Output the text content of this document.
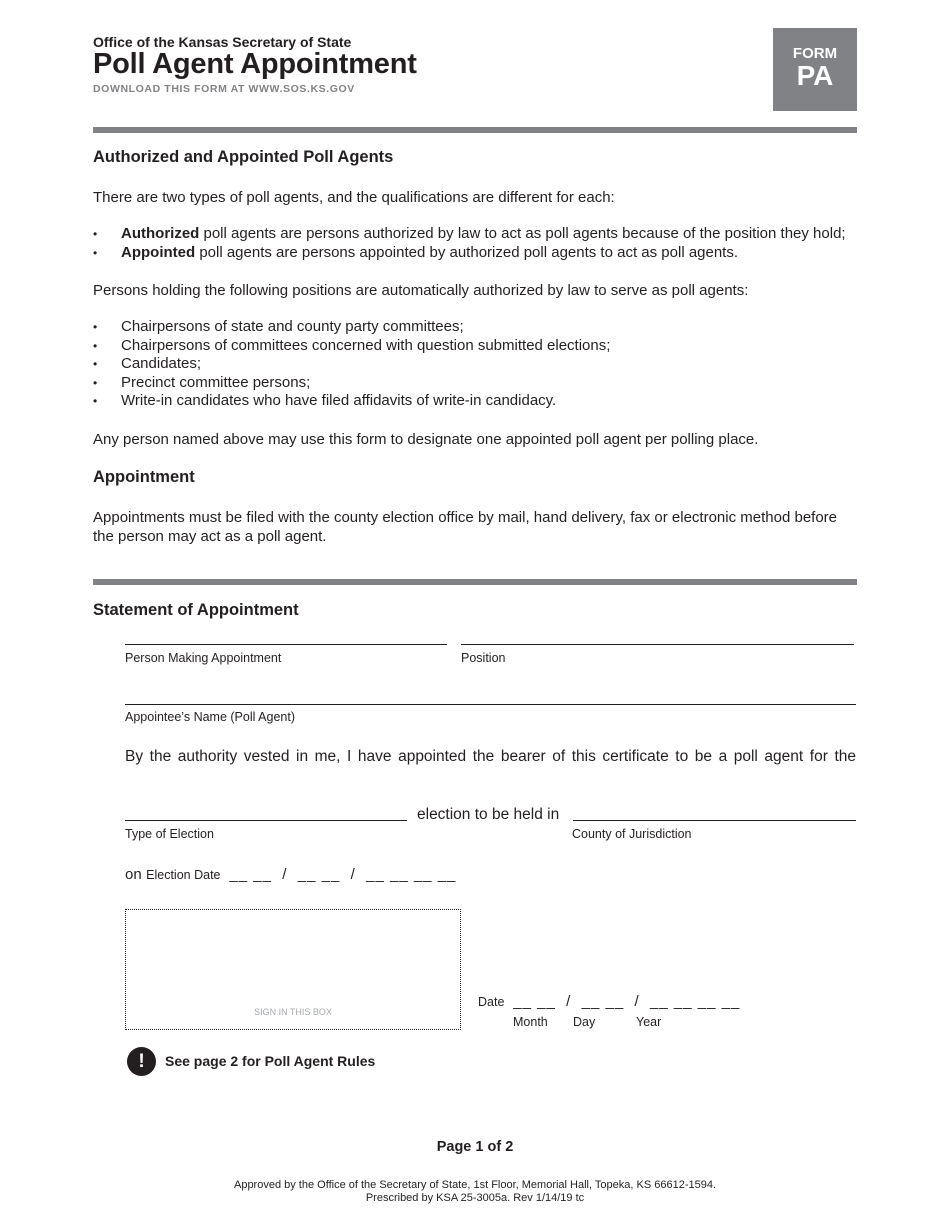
Office of the Kansas Secretary of State
Poll Agent Appointment
DOWNLOAD THIS FORM AT WWW.SOS.KS.GOV
FORM
PA
Authorized and Appointed Poll Agents

There are two types of poll agents, and the qualifications are different for each:

• Authorized poll agents are persons authorized by law to act as poll agents because of the position they hold;
• Appointed poll agents are persons appointed by authorized poll agents to act as poll agents.

Persons holding the following positions are automatically authorized by law to serve as poll agents:

• Chairpersons of state and county party committees;
• Chairpersons of committees concerned with question submitted elections;
• Candidates;
• Precinct committee persons;
• Write-in candidates who have filed affidavits of write-in candidacy.

Any person named above may use this form to designate one appointed poll agent per polling place.

Appointment

Appointments must be filed with the county election office by mail, hand delivery, fax or electronic method before the person may act as a poll agent.

Statement of Appointment
Person Making Appointment	Position
Appointee’s Name (Poll Agent)

By the authority vested in me, I have appointed the bearer of this certificate to be a poll agent for the

election to be held in
Type of Election	County of Jurisdiction
on Election Date __ __  /  __ __  /  __ __ __ __
SIGN IN THIS BOX
Date __ __  /  __ __  /  __ __ __ __
Month Day	Year
!	See page 2 for Poll Agent Rules
Page 1 of 2
Approved by the Office of the Secretary of State, 1st Floor, Memorial Hall, Topeka, KS 66612-1594.
Prescribed by KSA 25-3005a. Rev 1/14/19 tc
